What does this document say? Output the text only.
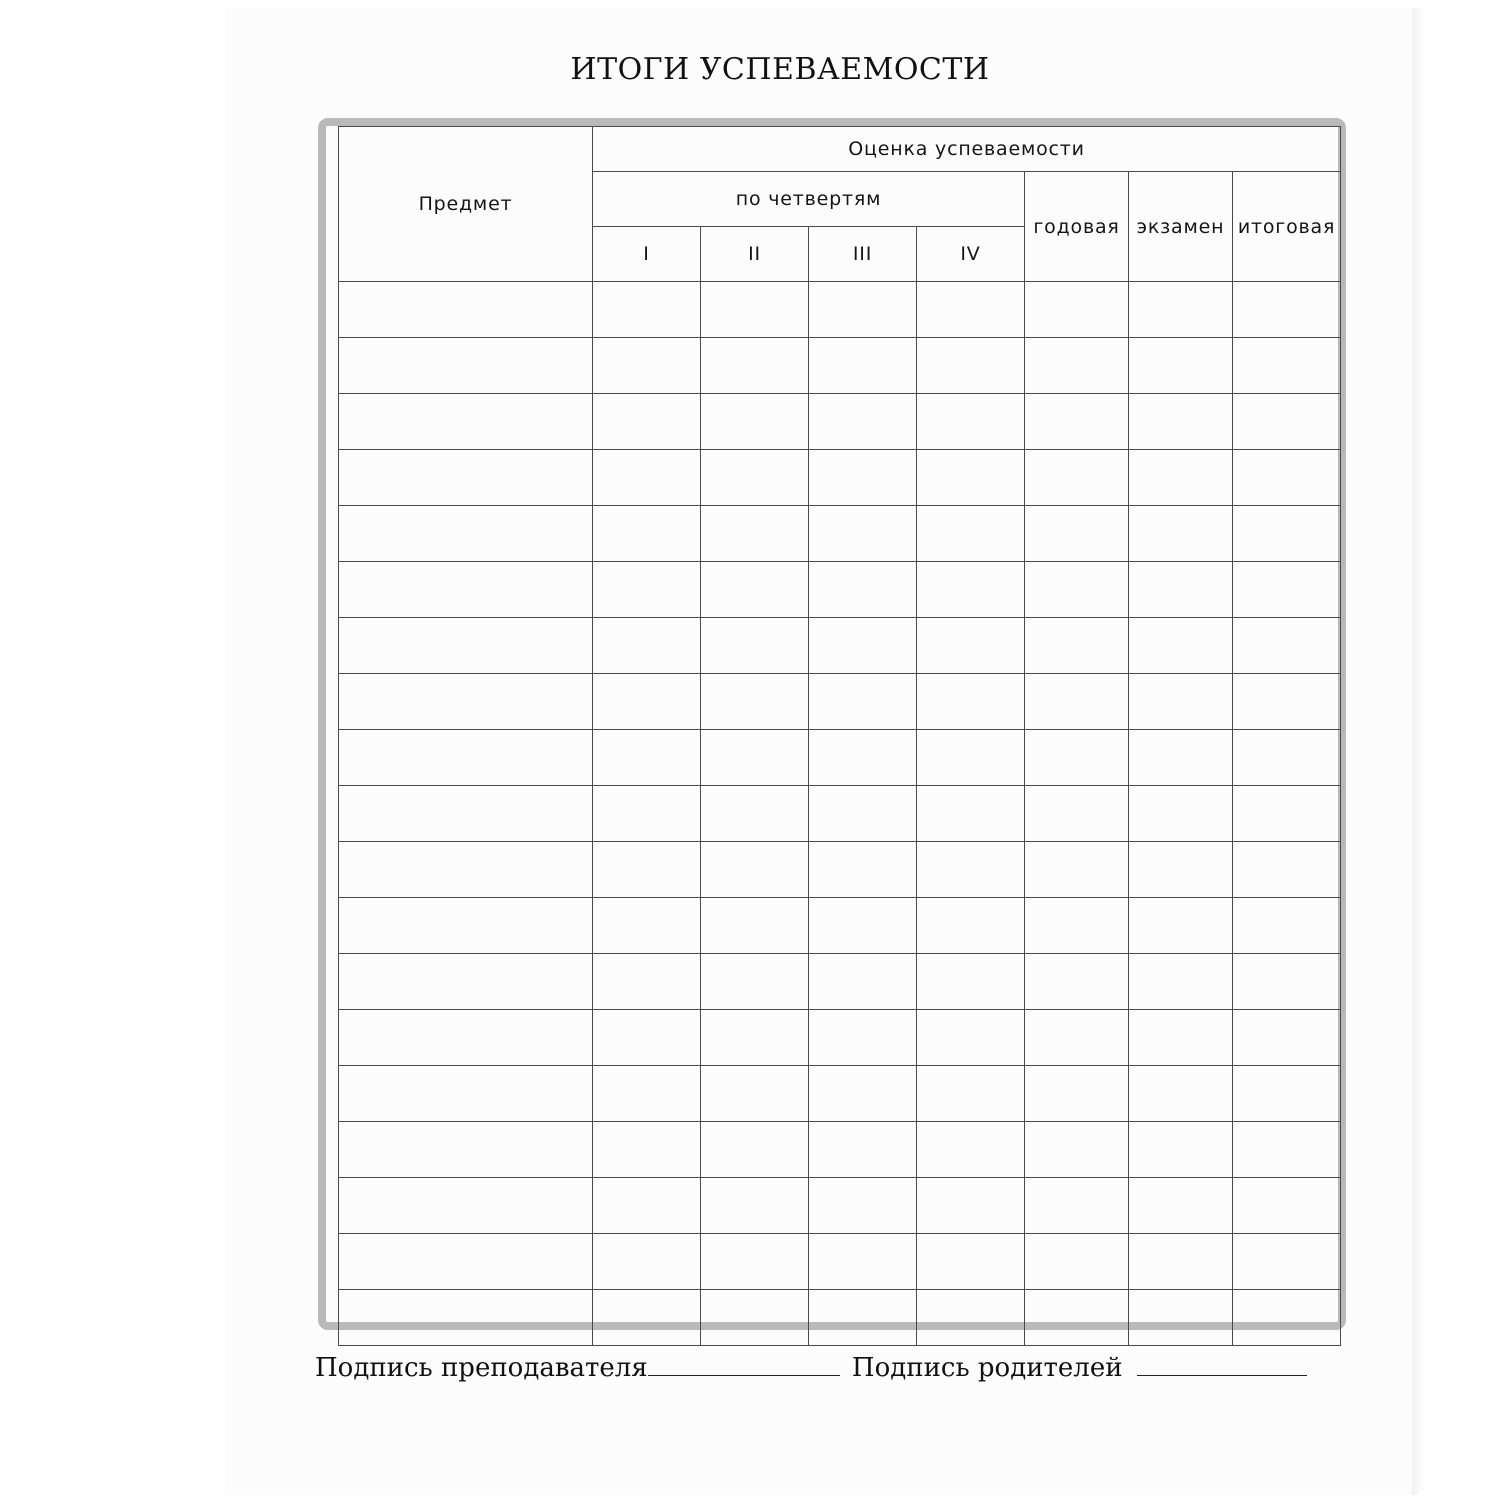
ИТОГИ УСПЕВАЕМОСТИ
Предмет	Оценка успеваемости						
	по четвертям				годовая	экзамен	итоговая
	I	II	III	IV			

Подпись преподавателя	Подпись родителей
